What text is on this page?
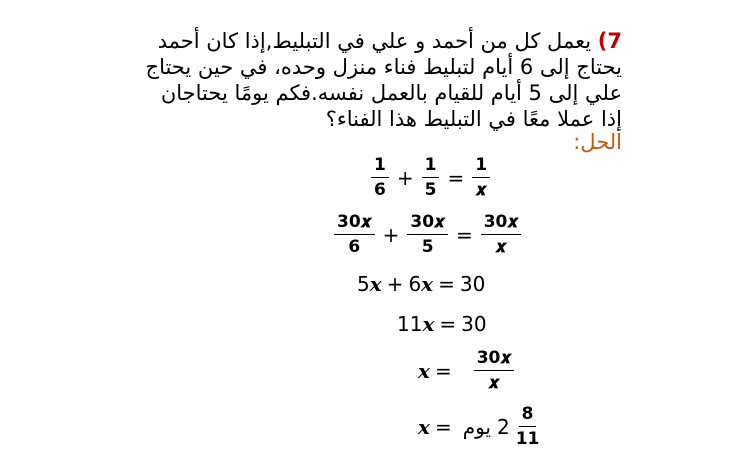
7) يعمل كل من أحمد و علي في التبليط,إذا كان أحمد يحتاج إلى 6 أيام لتبليط فناء منزل وحده، في حين يحتاج علي إلى 5 أيام للقيام بالعمل نفسه.فكم يومًا يحتاجان إذا عملا معًا في التبليط هذا الفناء؟
الحل:
$\frac{1}{6} + \frac{1}{5} = \frac{1}{\text{𝒙}}$
$\frac{\text{30𝒙}}{6} + \frac{\text{30𝒙}}{5} = \frac{\text{30𝒙}}{\text{𝒙}}$
5 𝒙 + 6 𝒙 = 30
11 𝒙 = 30
𝒙 = $\frac{\text{30𝒙}}{\text{𝒙}}$
𝒙 = يوم $2 \frac{8}{11}$
